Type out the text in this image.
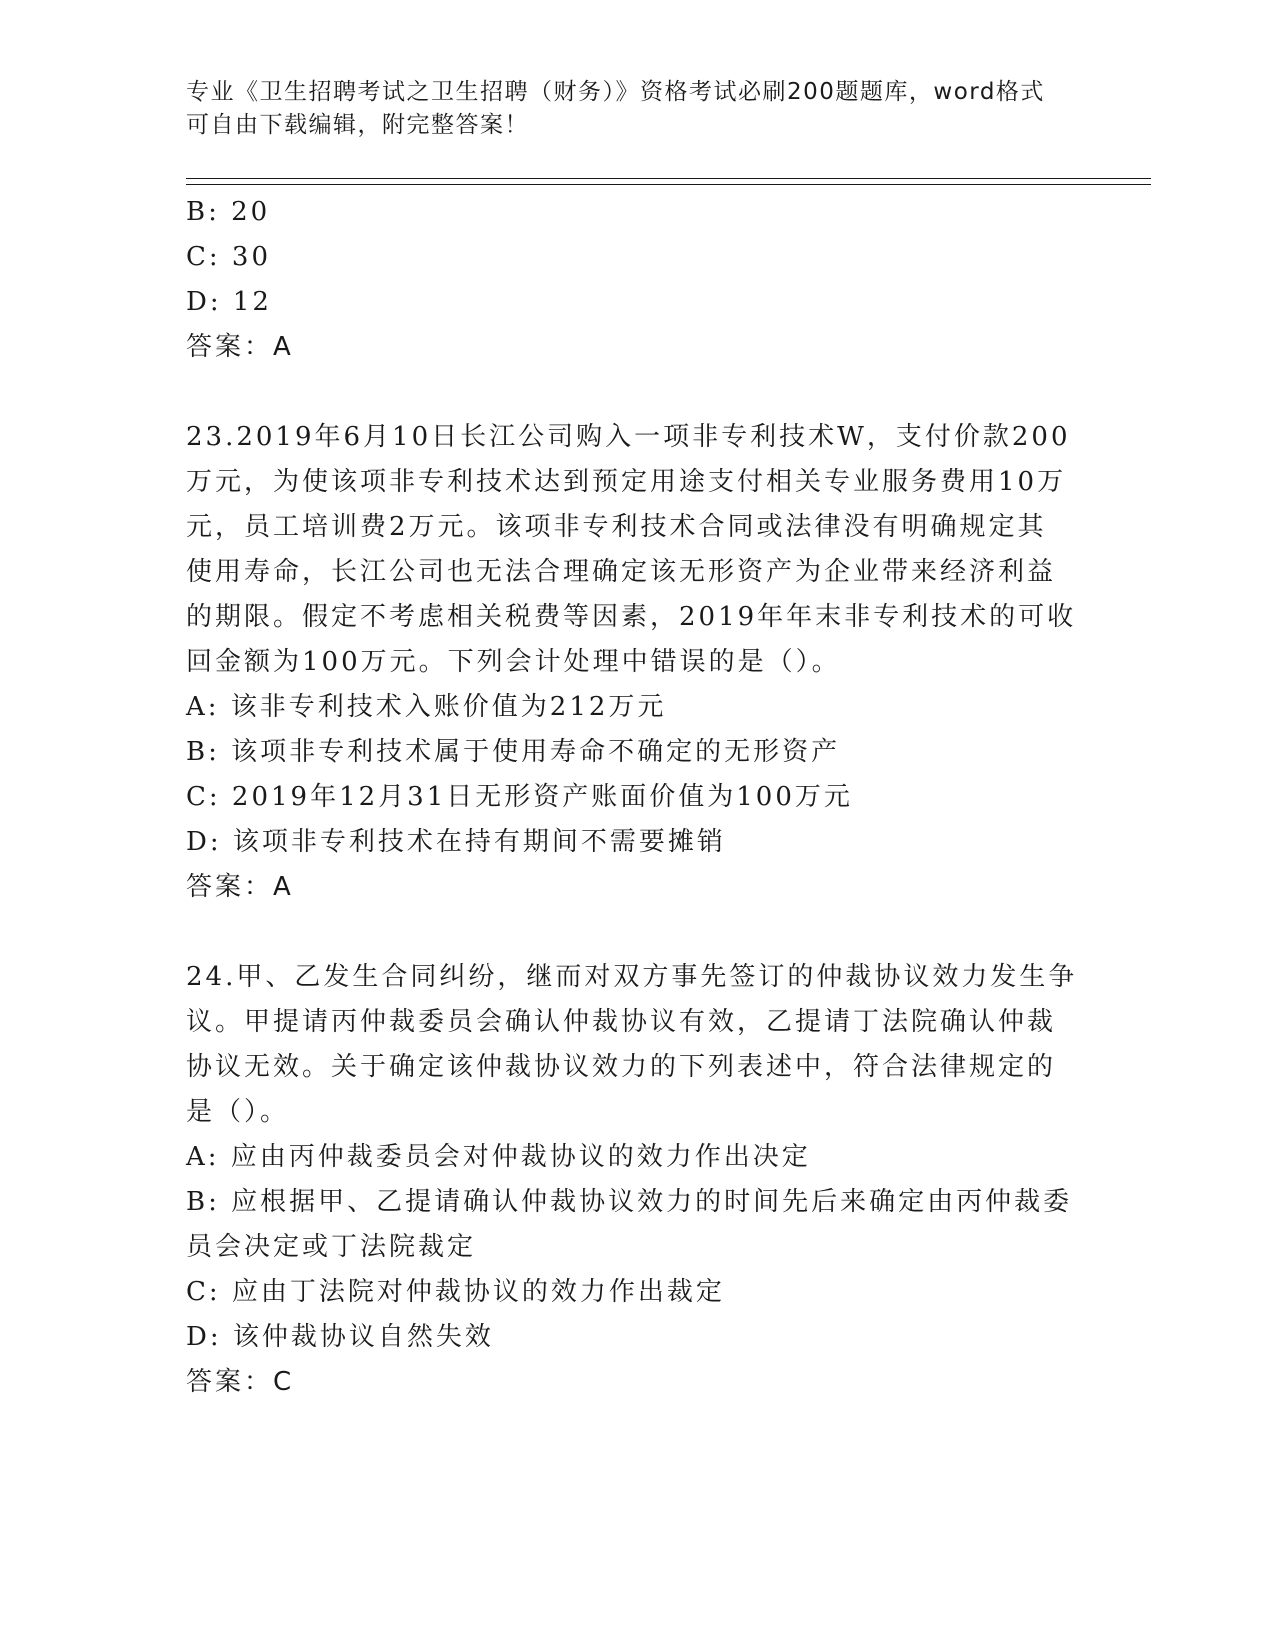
专业《卫生招聘考试之卫生招聘（财务）》资格考试必刷200题题库，word格式
可自由下载编辑，附完整答案！
B: 20
C: 30
D: 12
答案：A
23.2019年6月10日长江公司购入一项非专利技术W，支付价款200
万元，为使该项非专利技术达到预定用途支付相关专业服务费用10万
元，员工培训费2万元。该项非专利技术合同或法律没有明确规定其
使用寿命，长江公司也无法合理确定该无形资产为企业带来经济利益
的期限。假定不考虑相关税费等因素，2019年年末非专利技术的可收
回金额为100万元。下列会计处理中错误的是（）。
A: 该非专利技术入账价值为212万元
B: 该项非专利技术属于使用寿命不确定的无形资产
C: 2019年12月31日无形资产账面价值为100万元
D: 该项非专利技术在持有期间不需要摊销
答案：A
24.甲、乙发生合同纠纷，继而对双方事先签订的仲裁协议效力发生争
议。甲提请丙仲裁委员会确认仲裁协议有效，乙提请丁法院确认仲裁
协议无效。关于确定该仲裁协议效力的下列表述中，符合法律规定的
是（）。
A: 应由丙仲裁委员会对仲裁协议的效力作出决定
B: 应根据甲、乙提请确认仲裁协议效力的时间先后来确定由丙仲裁委
员会决定或丁法院裁定
C: 应由丁法院对仲裁协议的效力作出裁定
D: 该仲裁协议自然失效
答案：C
